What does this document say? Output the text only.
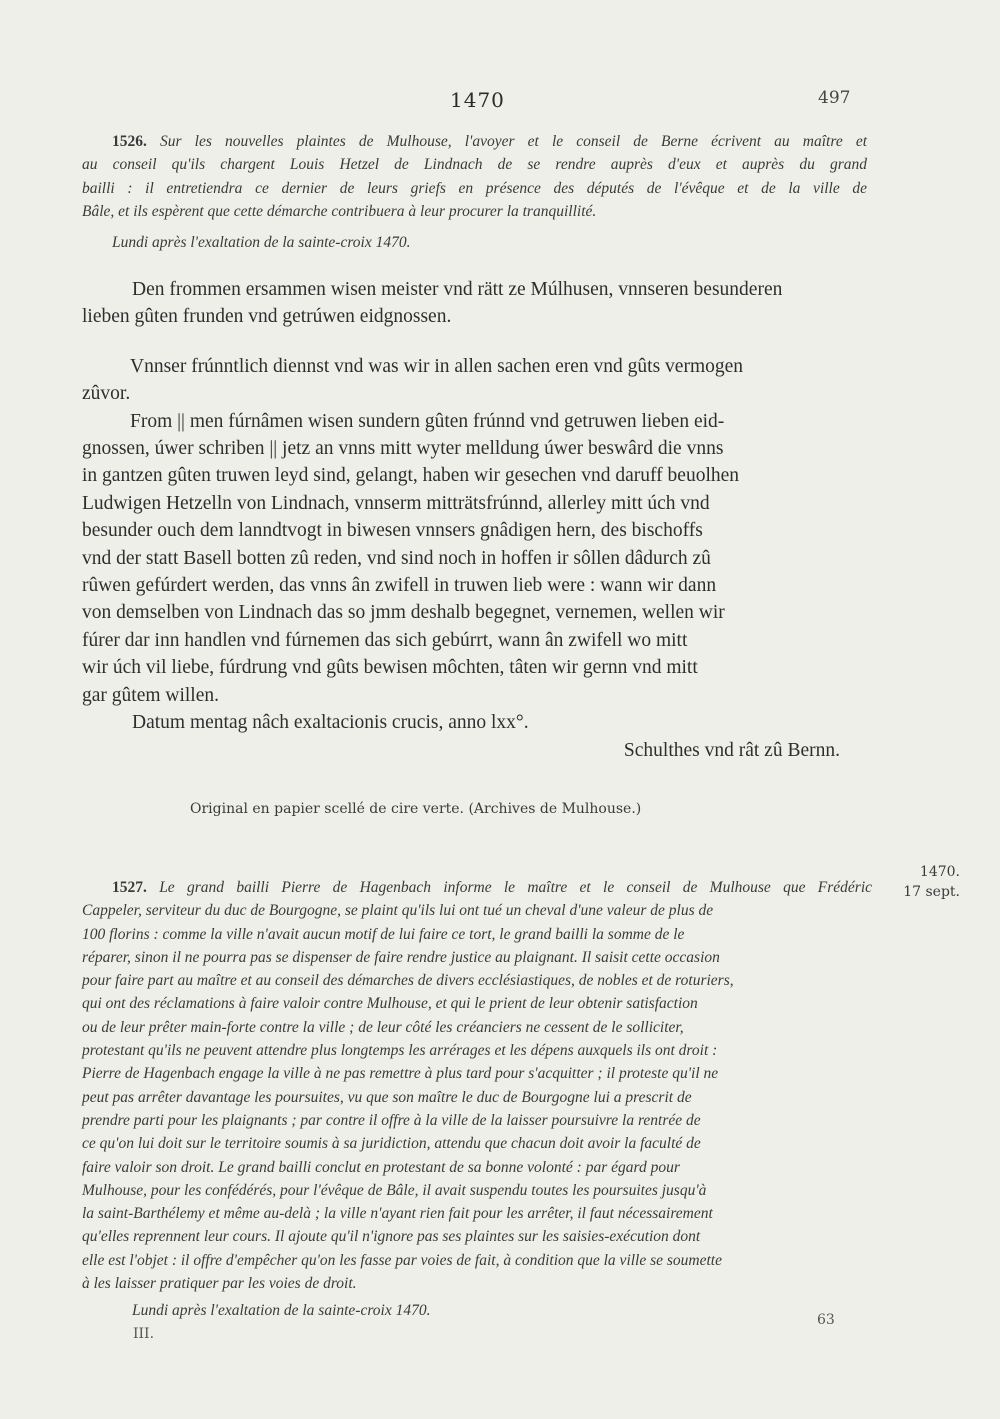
1470	497
1526. Sur les nouvelles plaintes de Mulhouse, l'avoyer et le conseil de Berne écrivent au maître et
au conseil qu'ils chargent Louis Hetzel de Lindnach de se rendre auprès d'eux et auprès du grand
bailli : il entretiendra ce dernier de leurs griefs en présence des députés de l'évêque et de la ville de
Bâle, et ils espèrent que cette démarche contribuera à leur procurer la tranquillité.
Lundi après l'exaltation de la sainte-croix 1470.
Den frommen ersammen wisen meister vnd rätt ze Múlhusen, vnnseren besunderen
lieben gûten frunden vnd getrúwen eidgnossen.
Vnnser frúnntlich diennst vnd was wir in allen sachen eren vnd gûts vermogen
zûvor.
From || men fúrnâmen wisen sundern gûten frúnnd vnd getruwen lieben eid-
gnossen, úwer schriben || jetz an vnns mitt wyter melldung úwer beswârd die vnns
in gantzen gûten truwen leyd sind, gelangt, haben wir gesechen vnd daruff beuolhen
Ludwigen Hetzelln von Lindnach, vnnserm mitträtsfrúnnd, allerley mitt úch vnd
besunder ouch dem lanndtvogt in biwesen vnnsers gnâdigen hern, des bischoffs
vnd der statt Basell botten zû reden, vnd sind noch in hoffen ir sôllen dâdurch zû
rûwen gefúrdert werden, das vnns ân zwifell in truwen lieb were : wann wir dann
von demselben von Lindnach das so jmm deshalb begegnet, vernemen, wellen wir
fúrer dar inn handlen vnd fúrnemen das sich gebúrrt, wann ân zwifell wo mitt
wir úch vil liebe, fúrdrung vnd gûts bewisen môchten, tâten wir gernn vnd mitt
gar gûtem willen.
Datum mentag nâch exaltacionis crucis, anno lxx°.
Schulthes vnd rât zû Bernn.
Original en papier scellé de cire verte. (Archives de Mulhouse.)
1527. Le grand bailli Pierre de Hagenbach informe le maître et le conseil de Mulhouse que Frédéric
Cappeler, serviteur du duc de Bourgogne, se plaint qu'ils lui ont tué un cheval d'une valeur de plus de
100 florins : comme la ville n'avait aucun motif de lui faire ce tort, le grand bailli la somme de le
réparer, sinon il ne pourra pas se dispenser de faire rendre justice au plaignant. Il saisit cette occasion
pour faire part au maître et au conseil des démarches de divers ecclésiastiques, de nobles et de roturiers,
qui ont des réclamations à faire valoir contre Mulhouse, et qui le prient de leur obtenir satisfaction
ou de leur prêter main-forte contre la ville ; de leur côté les créanciers ne cessent de le solliciter,
protestant qu'ils ne peuvent attendre plus longtemps les arrérages et les dépens auxquels ils ont droit :
Pierre de Hagenbach engage la ville à ne pas remettre à plus tard pour s'acquitter ; il proteste qu'il ne
peut pas arrêter davantage les poursuites, vu que son maître le duc de Bourgogne lui a prescrit de
prendre parti pour les plaignants ; par contre il offre à la ville de la laisser poursuivre la rentrée de
ce qu'on lui doit sur le territoire soumis à sa juridiction, attendu que chacun doit avoir la faculté de
faire valoir son droit. Le grand bailli conclut en protestant de sa bonne volonté : par égard pour
Mulhouse, pour les confédérés, pour l'évêque de Bâle, il avait suspendu toutes les poursuites jusqu'à
la saint-Barthélemy et même au-delà ; la ville n'ayant rien fait pour les arrêter, il faut nécessairement
qu'elles reprennent leur cours. Il ajoute qu'il n'ignore pas ses plaintes sur les saisies-exécution dont
elle est l'objet : il offre d'empêcher qu'on les fasse par voies de fait, à condition que la ville se soumette
à les laisser pratiquer par les voies de droit.
Lundi après l'exaltation de la sainte-croix 1470.
1470.
17 sept.
III.
63
